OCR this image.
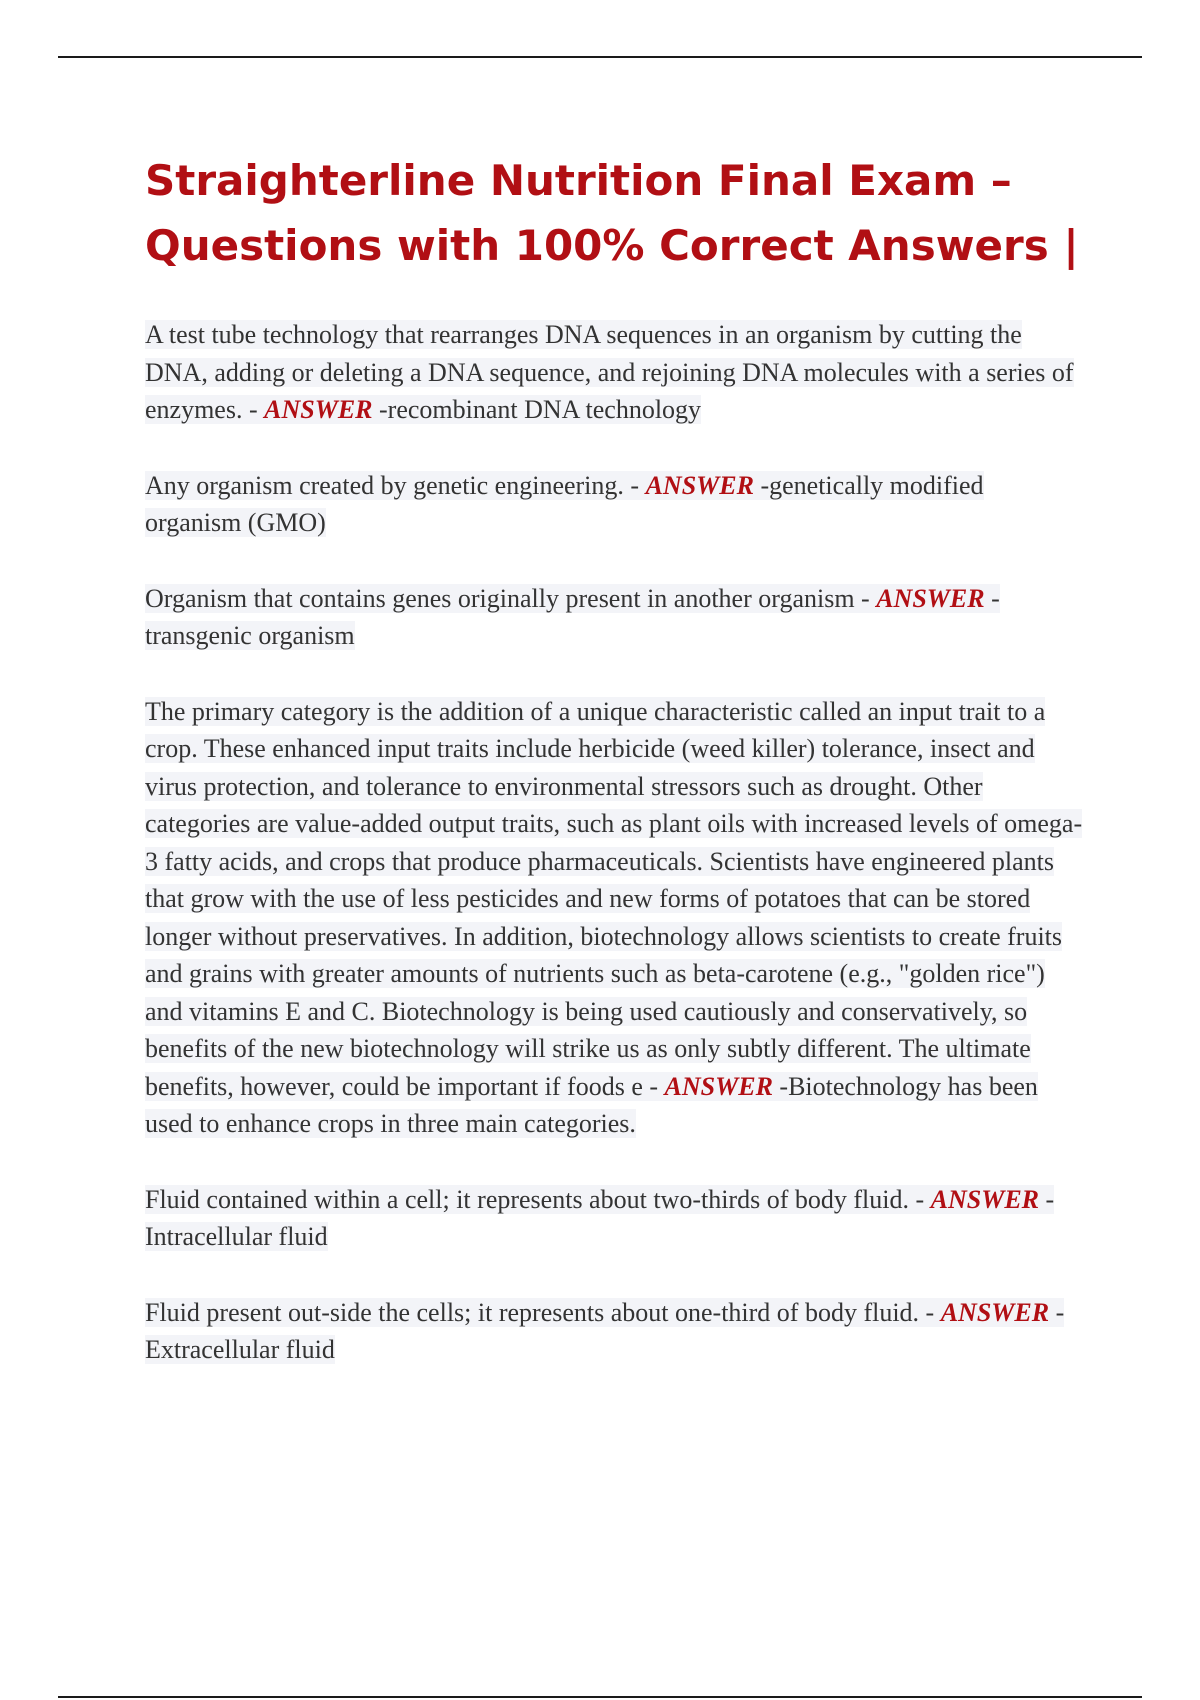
Straighterline Nutrition Final Exam –
Questions with 100% Correct Answers |

A test tube technology that rearranges DNA sequences in an organism by cutting the DNA, adding or deleting a DNA sequence, and rejoining DNA molecules with a series of enzymes. - ANSWER -recombinant DNA technology

Any organism created by genetic engineering. - ANSWER -genetically modified organism (GMO)

Organism that contains genes originally present in another organism - ANSWER -transgenic organism

The primary category is the addition of a unique characteristic called an input trait to a crop. These enhanced input traits include herbicide (weed killer) tolerance, insect and virus protection, and tolerance to environmental stressors such as drought. Other categories are value-added output traits, such as plant oils with increased levels of omega-3 fatty acids, and crops that produce pharmaceuticals. Scientists have engineered plants that grow with the use of less pesticides and new forms of potatoes that can be stored longer without preservatives. In addition, biotechnology allows scientists to create fruits and grains with greater amounts of nutrients such as beta-carotene (e.g., "golden rice") and vitamins E and C. Biotechnology is being used cautiously and conservatively, so benefits of the new biotechnology will strike us as only subtly different. The ultimate benefits, however, could be important if foods e - ANSWER -Biotechnology has been used to enhance crops in three main categories.

Fluid contained within a cell; it represents about two-thirds of body fluid. - ANSWER -Intracellular fluid

Fluid present out-side the cells; it represents about one-third of body fluid. - ANSWER -Extracellular fluid
